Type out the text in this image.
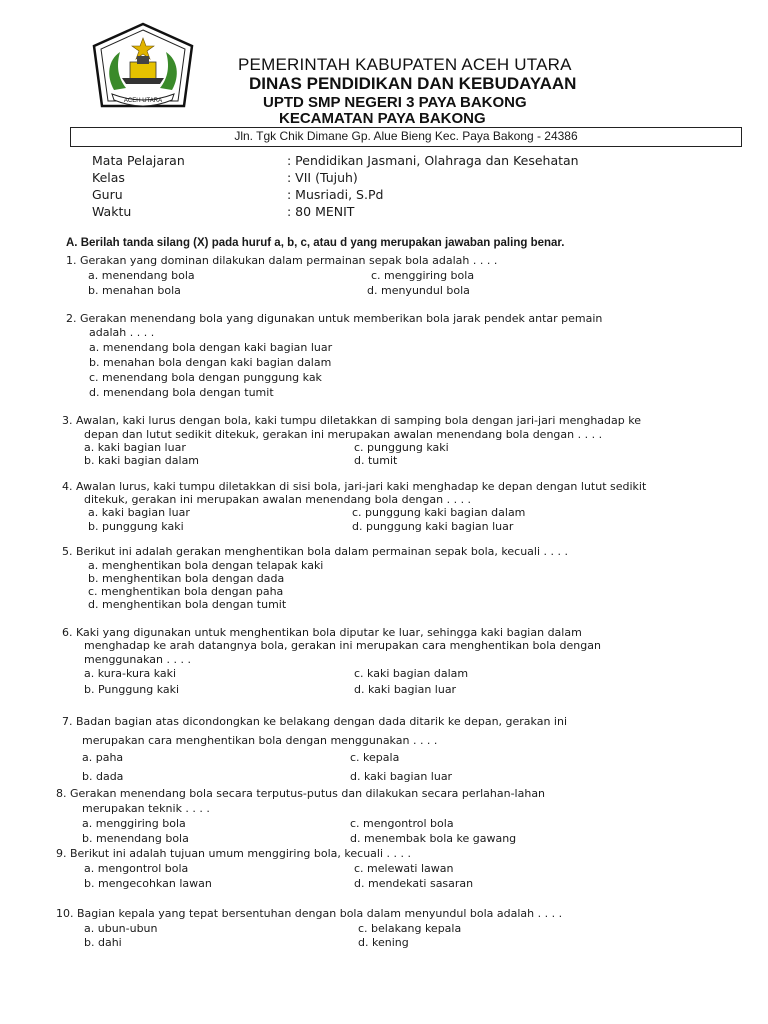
ACEH UTARA
PEMERINTAH KABUPATEN ACEH UTARA
DINAS PENDIDIKAN DAN KEBUDAYAAN
UPTD SMP NEGERI 3 PAYA BAKONG
KECAMATAN PAYA BAKONG
Jln. Tgk Chik Dimane Gp. Alue Bieng Kec. Paya Bakong - 24386
Mata Pelajaran	: Pendidikan Jasmani, Olahraga dan Kesehatan
Kelas	: VII (Tujuh)
Guru	: Musriadi, S.Pd
Waktu	: 80 MENIT
A. Berilah tanda silang (X) pada huruf a, b, c, atau d yang merupakan jawaban paling benar.
1. Gerakan yang dominan dilakukan dalam permainan sepak bola adalah . . . .
a. menendang bola	c. menggiring bola
b. menahan bola	d. menyundul bola
2. Gerakan menendang bola yang digunakan untuk memberikan bola jarak pendek antar pemain
adalah . . . .
a. menendang bola dengan kaki bagian luar
b. menahan bola dengan kaki bagian dalam
c. menendang bola dengan punggung kak
d. menendang bola dengan tumit
3. Awalan, kaki lurus dengan bola, kaki tumpu diletakkan di samping bola dengan jari-jari menghadap ke
depan dan lutut sedikit ditekuk, gerakan ini merupakan awalan menendang bola dengan . . . .
a. kaki bagian luar	c. punggung kaki
b. kaki bagian dalam	d. tumit
4. Awalan lurus, kaki tumpu diletakkan di sisi bola, jari-jari kaki menghadap ke depan dengan lutut sedikit
ditekuk, gerakan ini merupakan awalan menendang bola dengan . . . .
a. kaki bagian luar	c. punggung kaki bagian dalam
b. punggung kaki	d. punggung kaki bagian luar
5. Berikut ini adalah gerakan menghentikan bola dalam permainan sepak bola, kecuali . . . .
a. menghentikan bola dengan telapak kaki
b. menghentikan bola dengan dada
c. menghentikan bola dengan paha
d. menghentikan bola dengan tumit
6. Kaki yang digunakan untuk menghentikan bola diputar ke luar, sehingga kaki bagian dalam
menghadap ke arah datangnya bola, gerakan ini merupakan cara menghentikan bola dengan
menggunakan . . . .
a. kura-kura kaki	c. kaki bagian dalam
b. Punggung kaki	d. kaki bagian luar
7. Badan bagian atas dicondongkan ke belakang dengan dada ditarik ke depan, gerakan ini
merupakan cara menghentikan bola dengan menggunakan . . . .
a. paha	c. kepala
b. dada	d. kaki bagian luar
8. Gerakan menendang bola secara terputus-putus dan dilakukan secara perlahan-lahan
merupakan teknik . . . .
a. menggiring bola	c. mengontrol bola
b. menendang bola	d. menembak bola ke gawang
9. Berikut ini adalah tujuan umum menggiring bola, kecuali . . . .
a. mengontrol bola	c. melewati lawan
b. mengecohkan lawan	d. mendekati sasaran
10. Bagian kepala yang tepat bersentuhan dengan bola dalam menyundul bola adalah . . . .
a. ubun-ubun	c. belakang kepala
b. dahi	d. kening
